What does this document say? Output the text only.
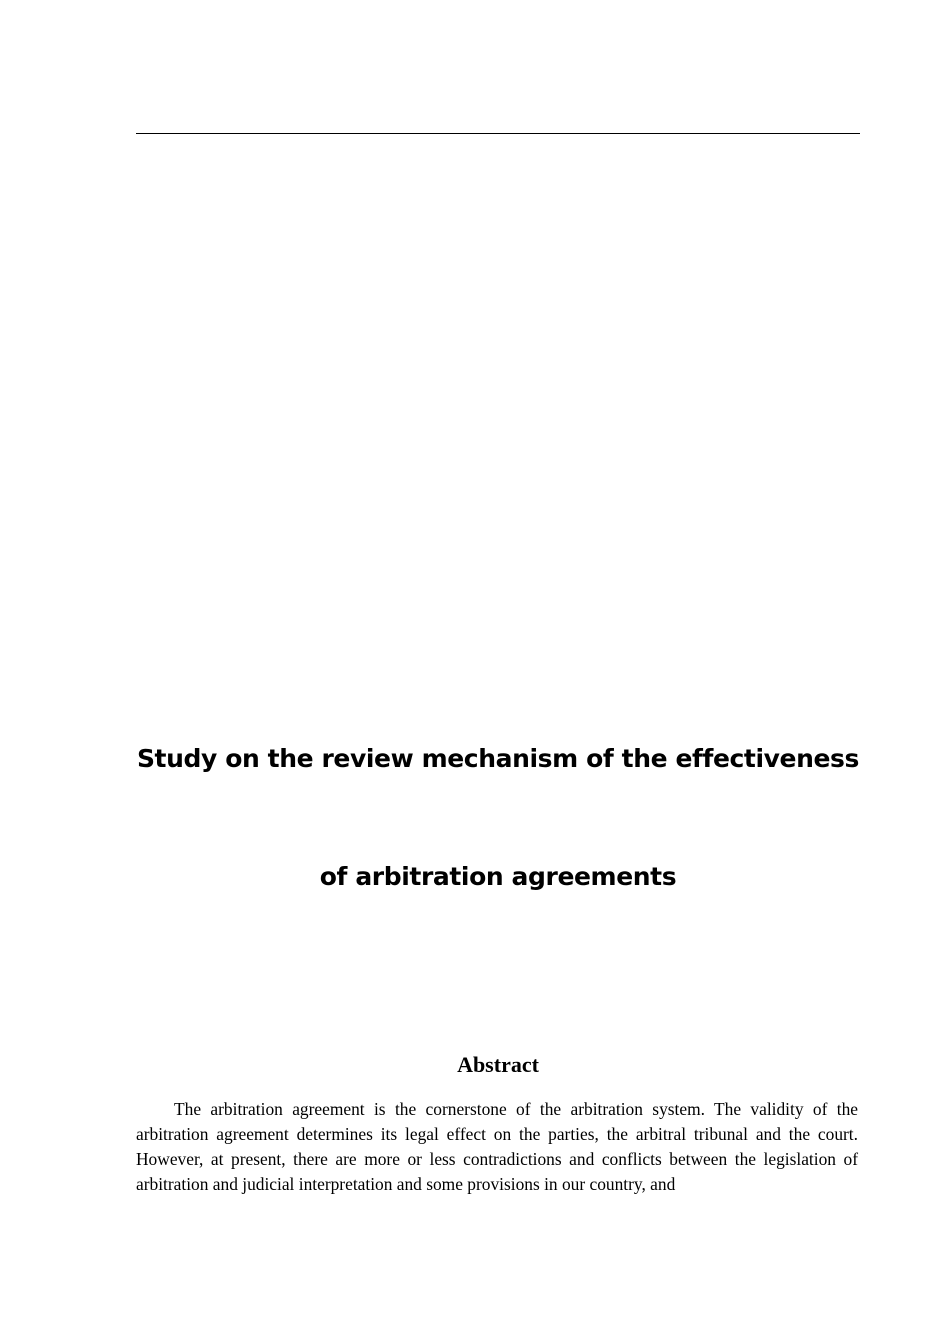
Study on the review mechanism of the effectiveness
of arbitration agreements
Abstract

The arbitration agreement is the cornerstone of the arbitration system. The validity of the arbitration agreement determines its legal effect on the parties, the arbitral tribunal and the court. However, at present, there are more or less contradictions and conflicts between the legislation of arbitration and judicial interpretation and some provisions in our country, and
